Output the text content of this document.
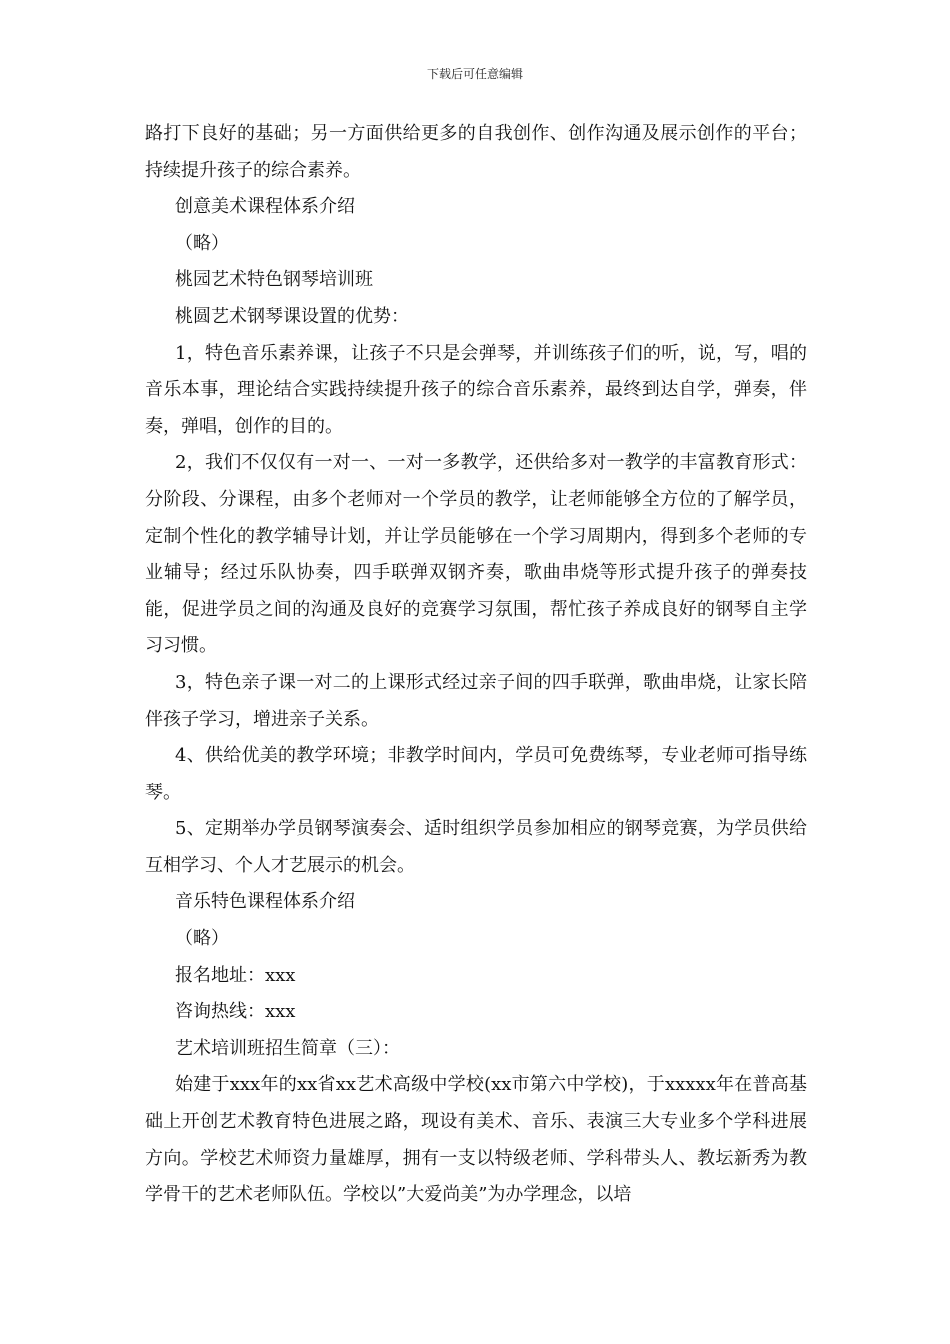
下载后可任意编辑

路打下良好的基础；另一方面供给更多的自我创作、创作沟通及展示创作的平台；持续提升孩子的综合素养。

创意美术课程体系介绍

（略）

桃园艺术特色钢琴培训班

桃圆艺术钢琴课设置的优势：

1，特色音乐素养课，让孩子不只是会弹琴，并训练孩子们的听，说，写，唱的音乐本事，理论结合实践持续提升孩子的综合音乐素养，最终到达自学，弹奏，伴奏，弹唱，创作的目的。

2，我们不仅仅有一对一、一对一多教学，还供给多对一教学的丰富教育形式：分阶段、分课程，由多个老师对一个学员的教学，让老师能够全方位的了解学员，定制个性化的教学辅导计划，并让学员能够在一个学习周期内，得到多个老师的专业辅导；经过乐队协奏，四手联弹双钢齐奏，歌曲串烧等形式提升孩子的弹奏技能，促进学员之间的沟通及良好的竞赛学习氛围，帮忙孩子养成良好的钢琴自主学习习惯。

3，特色亲子课一对二的上课形式经过亲子间的四手联弹，歌曲串烧，让家长陪伴孩子学习，增进亲子关系。

4、供给优美的教学环境；非教学时间内，学员可免费练琴，专业老师可指导练琴。

5、定期举办学员钢琴演奏会、适时组织学员参加相应的钢琴竞赛，为学员供给互相学习、个人才艺展示的机会。

音乐特色课程体系介绍

（略）

报名地址：xxx

咨询热线：xxx

艺术培训班招生简章（三）：

始建于xxx年的xx省xx艺术高级中学校(xx市第六中学校)，于xxxxx年在普高基础上开创艺术教育特色进展之路，现设有美术、音乐、表演三大专业多个学科进展方向。学校艺术师资力量雄厚，拥有一支以特级老师、学科带头人、教坛新秀为教学骨干的艺术老师队伍。学校以”大爱尚美”为办学理念，以培
